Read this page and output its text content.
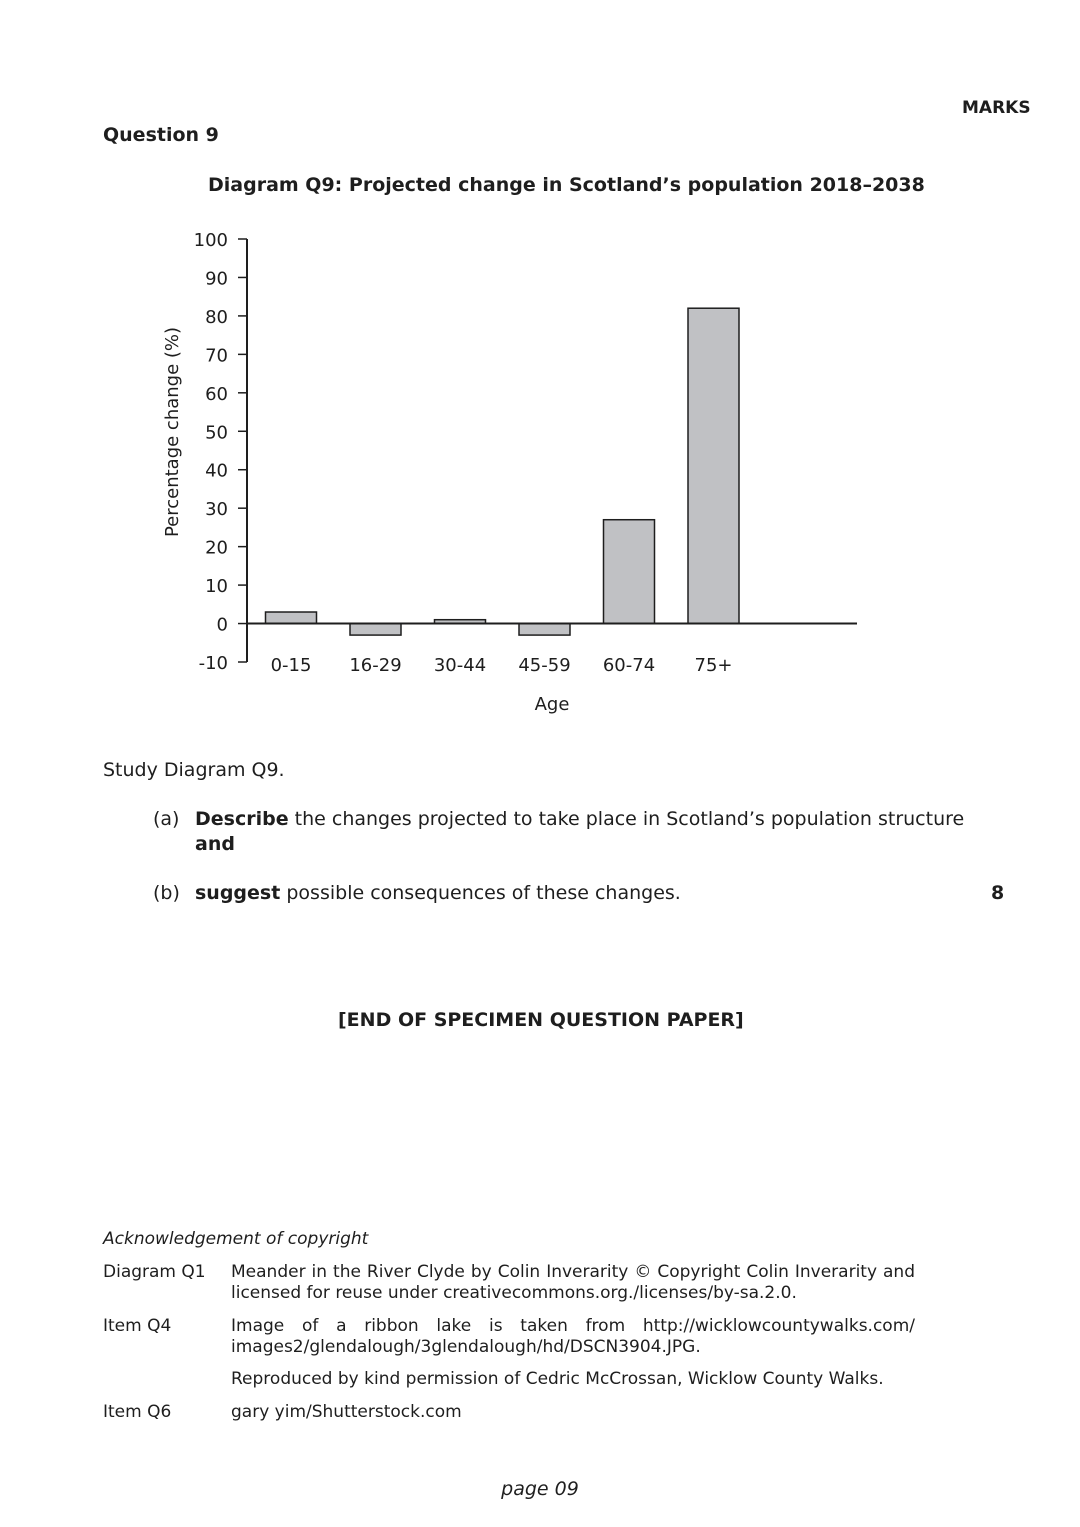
MARKS
Question 9
Diagram Q9: Projected change in Scotland’s population 2018–2038
100
90
80
70
60
50
40
30
20
10
0
-10 0-15 16-29 30-44 45-59 60-74 75+
Percentage change (%)
Age
Study Diagram Q9.
(a) Describe the changes projected to take place in Scotland’s population structure
and
(b) suggest possible consequences of these changes.	8
[END OF SPECIMEN QUESTION PAPER]
Acknowledgement of copyright
Diagram Q1 Meander in the River Clyde by Colin Inverarity © Copyright Colin Inverarity and licensed for reuse under creativecommons.org./licenses/by-sa.2.0.
Item Q4	Image of a ribbon lake is taken from http://wicklowcountywalks.com/ images2/glendalough/3glendalough/hd/DSCN3904.JPG.
Reproduced by kind permission of Cedric McCrossan, Wicklow County Walks.
Item Q6	gary yim/Shutterstock.com
page 09
